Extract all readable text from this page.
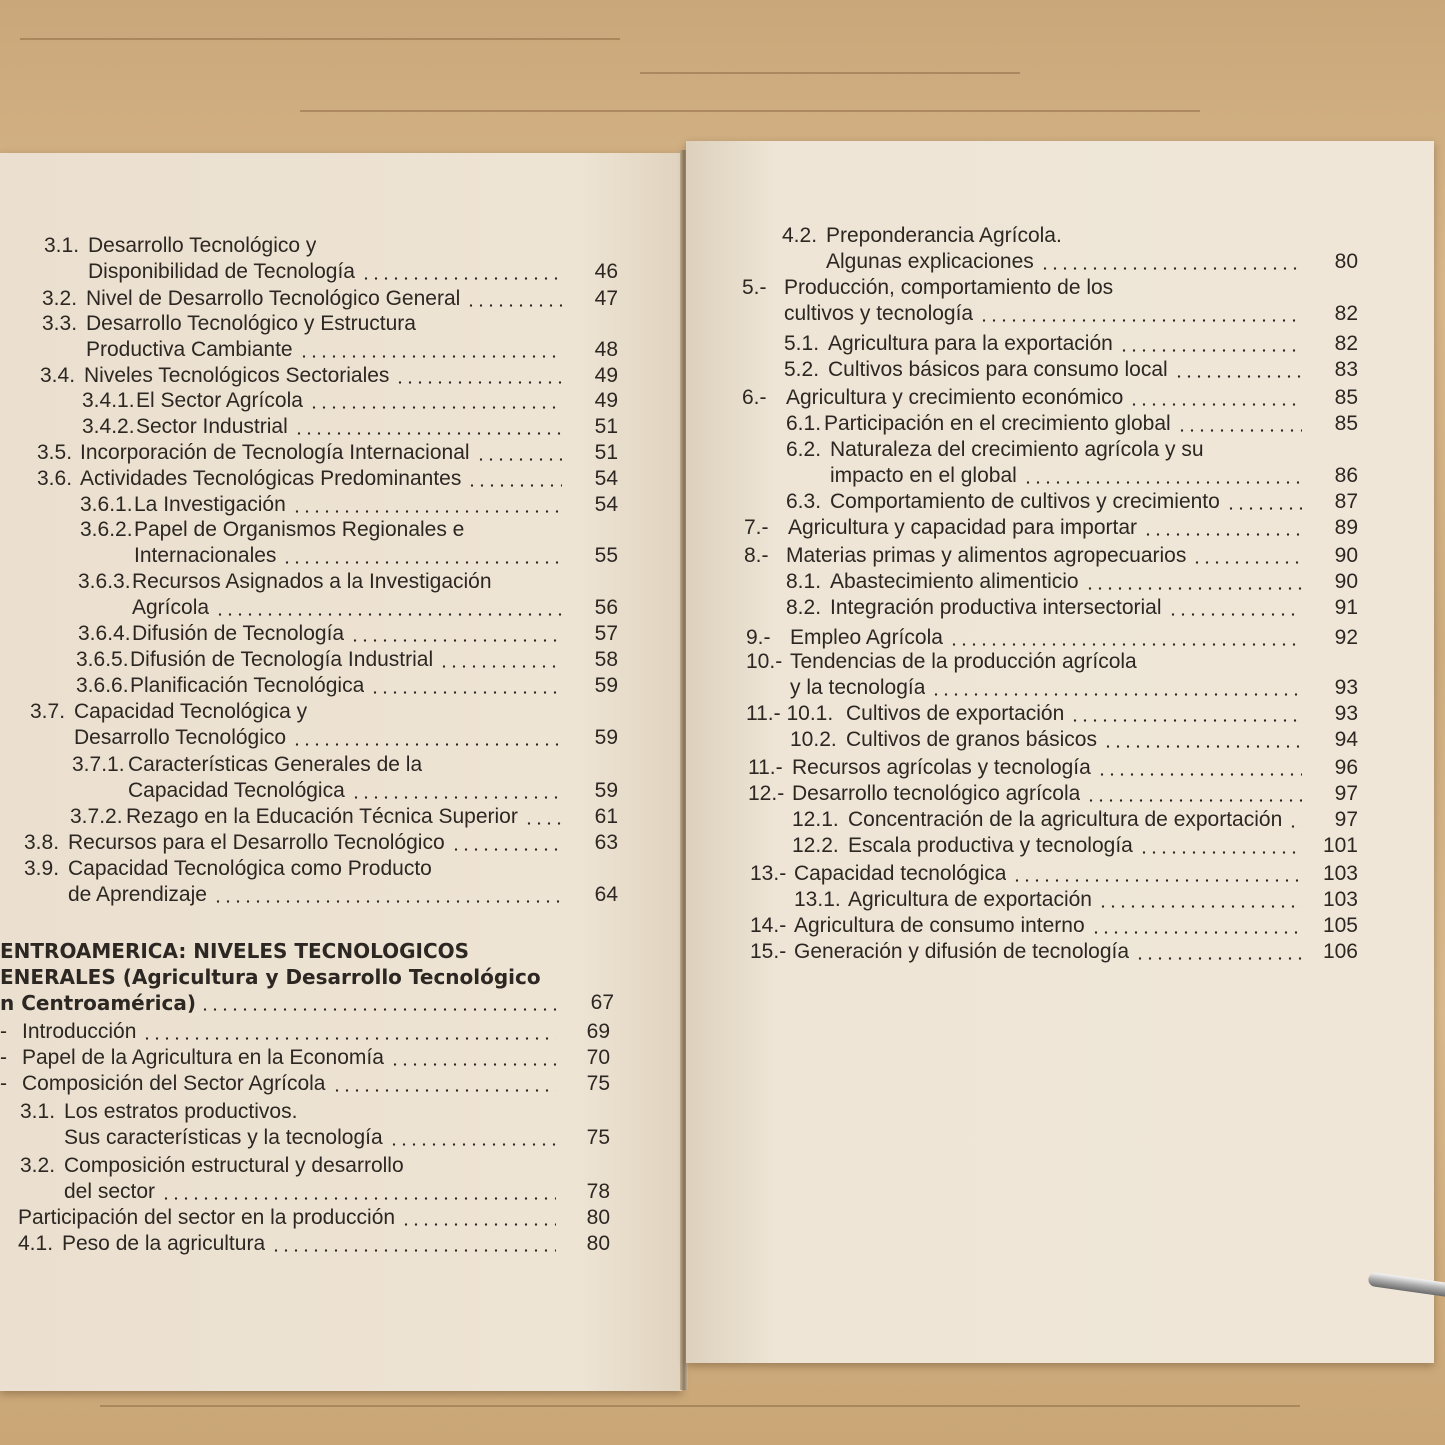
3.1. Desarrollo Tecnológico y
Disponibilidad de Tecnología	46
3.2. Nivel de Desarrollo Tecnológico General	47
3.3. Desarrollo Tecnológico y Estructura
Productiva Cambiante	48
3.4. Niveles Tecnológicos Sectoriales	49
3.4.1. El Sector Agrícola	49
3.4.2. Sector Industrial	51
3.5. Incorporación de Tecnología Internacional	51
3.6. Actividades Tecnológicas Predominantes	54
3.6.1. La Investigación	54
3.6.2. Papel de Organismos Regionales e
Internacionales	55
3.6.3. Recursos Asignados a la Investigación
Agrícola	56
3.6.4. Difusión de Tecnología	57
3.6.5. Difusión de Tecnología Industrial	58
3.6.6. Planificación Tecnológica	59
3.7. Capacidad Tecnológica y
Desarrollo Tecnológico	59
3.7.1. Características Generales de la
Capacidad Tecnológica	59
3.7.2. Rezago en la Educación Técnica Superior	61
3.8. Recursos para el Desarrollo Tecnológico	63
3.9. Capacidad Tecnológica como Producto
de Aprendizaje	64
ENTROAMERICA: NIVELES TECNOLOGICOS
ENERALES (Agricultura y Desarrollo Tecnológico
n Centroamérica)	67
- Introducción	69
- Papel de la Agricultura en la Economía	70
- Composición del Sector Agrícola	75
3.1. Los estratos productivos.
Sus características y la tecnología	75
3.2. Composición estructural y desarrollo
del sector	78
Participación del sector en la producción	80
4.1. Peso de la agricultura	80
4.2. Preponderancia Agrícola.
Algunas explicaciones	80
5.- Producción, comportamiento de los
cultivos y tecnología	82
5.1. Agricultura para la exportación	82
5.2. Cultivos básicos para consumo local	83
6.- Agricultura y crecimiento económico	85
6.1. Participación en el crecimiento global	85
6.2. Naturaleza del crecimiento agrícola y su
impacto en el global	86
6.3. Comportamiento de cultivos y crecimiento	87
7.- Agricultura y capacidad para importar	89
8.- Materias primas y alimentos agropecuarios	90
8.1. Abastecimiento alimenticio	90
8.2. Integración productiva intersectorial	91
9.- Empleo Agrícola	92
10.- Tendencias de la producción agrícola
y la tecnología	93
11.- 10.1. Cultivos de exportación	93
10.2. Cultivos de granos básicos	94
11.- Recursos agrícolas y tecnología	96
12.- Desarrollo tecnológico agrícola	97
12.1. Concentración de la agricultura de exportación	97
12.2. Escala productiva y tecnología	101
13.- Capacidad tecnológica	103
13.1. Agricultura de exportación	103
14.- Agricultura de consumo interno	105
15.- Generación y difusión de tecnología	106
